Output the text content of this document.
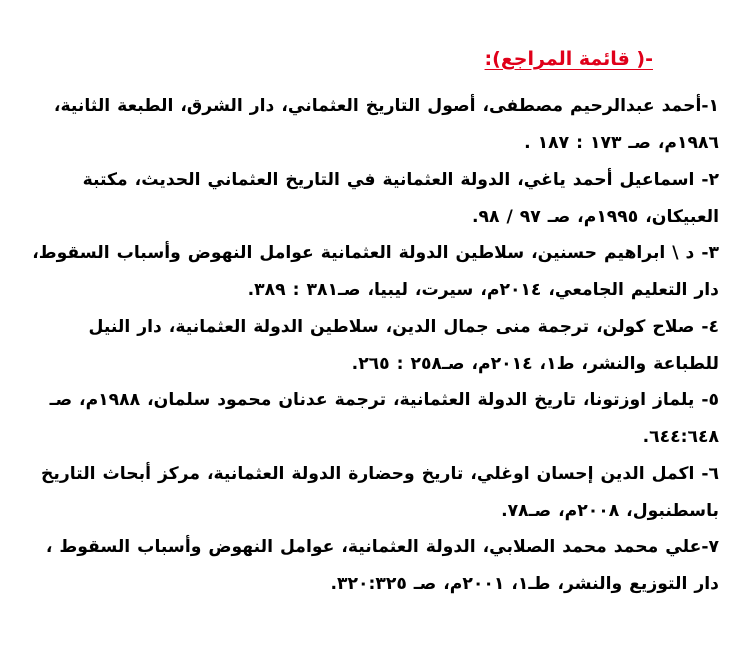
-( قائمة المراجع):
١-أحمد عبدالرحيم مصطفى، أصول التاريخ العثماني، دار الشرق، الطبعة الثانية، ١٩٨٦م، صـ ١٧٣ : ١٨٧ .
٢- اسماعيل أحمد ياغي، الدولة العثمانية في التاريخ العثماني الحديث، مكتبة العبيكان، ١٩٩٥م، صـ ٩٧ / ٩٨.
٣- د \ ابراهيم حسنين، سلاطين الدولة العثمانية عوامل النهوض وأسباب السقوط، دار التعليم الجامعي، ٢٠١٤م، سيرت، ليبيا، صـ٣٨١ : ٣٨٩.
٤- صلاح كولن، ترجمة منى جمال الدين، سلاطين الدولة العثمانية، دار النيل للطباعة والنشر، ط١، ٢٠١٤م، صـ٢٥٨ : ٢٦٥.
٥- يلماز اوزتونا، تاريخ الدولة العثمانية، ترجمة عدنان محمود سلمان، ١٩٨٨م، صـ ٦٤٤:٦٤٨.
٦- اكمل الدين إحسان اوغلي، تاريخ وحضارة الدولة العثمانية، مركز أبحاث التاريخ باسطنبول، ٢٠٠٨م، صـ٧٨.
٧-علي محمد محمد الصلابي، الدولة العثمانية، عوامل النهوض وأسباب السقوط ، دار التوزيع والنشر، طـ١، ٢٠٠١م، صـ ٣٢٠:٣٢٥.
